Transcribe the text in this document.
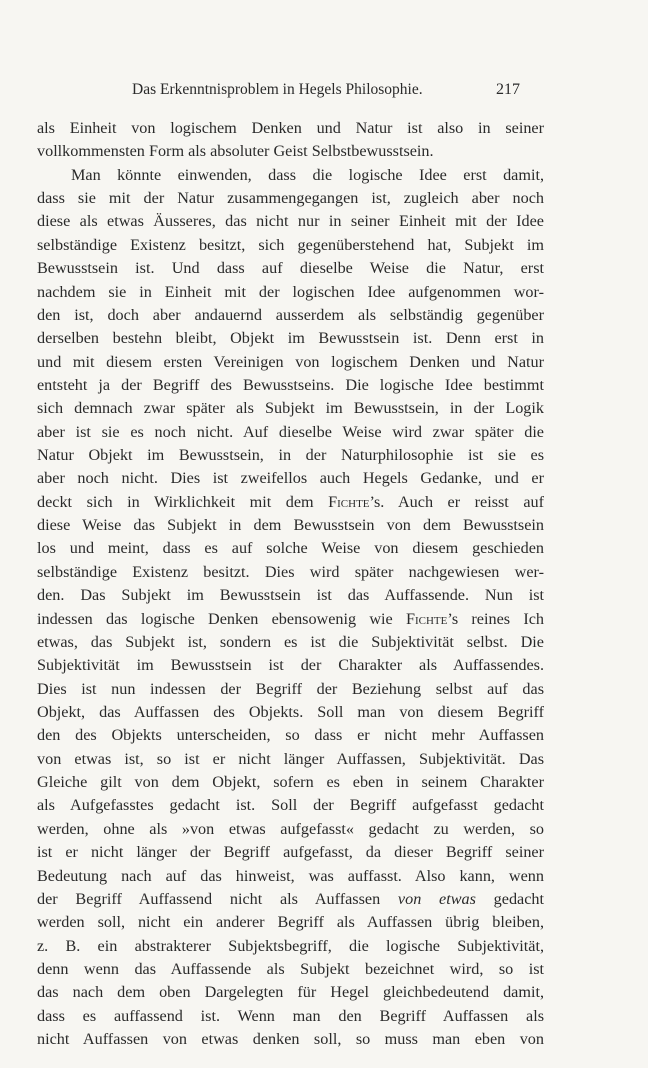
Das Erkenntnisproblem in Hegels Philosophie.	217
als Einheit von logischem Denken und Natur ist also in seiner
vollkommensten Form als absoluter Geist Selbstbewusstsein.
Man könnte einwenden, dass die logische Idee erst damit,
dass sie mit der Natur zusammengegangen ist, zugleich aber noch
diese als etwas Äusseres, das nicht nur in seiner Einheit mit der Idee
selbständige Existenz besitzt, sich gegenüberstehend hat, Subjekt im
Bewusstsein ist. Und dass auf dieselbe Weise die Natur, erst
nachdem sie in Einheit mit der logischen Idee aufgenommen wor-
den ist, doch aber andauernd ausserdem als selbständig gegenüber
derselben bestehn bleibt, Objekt im Bewusstsein ist. Denn erst in
und mit diesem ersten Vereinigen von logischem Denken und Natur
entsteht ja der Begriff des Bewusstseins. Die logische Idee bestimmt
sich demnach zwar später als Subjekt im Bewusstsein, in der Logik
aber ist sie es noch nicht. Auf dieselbe Weise wird zwar später die
Natur Objekt im Bewusstsein, in der Naturphilosophie ist sie es
aber noch nicht. Dies ist zweifellos auch Hegels Gedanke, und er
deckt sich in Wirklichkeit mit dem Fichte’s. Auch er reisst auf
diese Weise das Subjekt in dem Bewusstsein von dem Bewusstsein
los und meint, dass es auf solche Weise von diesem geschieden
selbständige Existenz besitzt. Dies wird später nachgewiesen wer-
den. Das Subjekt im Bewusstsein ist das Auffassende. Nun ist
indessen das logische Denken ebensowenig wie Fichte’s reines Ich
etwas, das Subjekt ist, sondern es ist die Subjektivität selbst. Die
Subjektivität im Bewusstsein ist der Charakter als Auffassendes.
Dies ist nun indessen der Begriff der Beziehung selbst auf das
Objekt, das Auffassen des Objekts. Soll man von diesem Begriff
den des Objekts unterscheiden, so dass er nicht mehr Auffassen
von etwas ist, so ist er nicht länger Auffassen, Subjektivität. Das
Gleiche gilt von dem Objekt, sofern es eben in seinem Charakter
als Aufgefasstes gedacht ist. Soll der Begriff aufgefasst gedacht
werden, ohne als »von etwas aufgefasst« gedacht zu werden, so
ist er nicht länger der Begriff aufgefasst, da dieser Begriff seiner
Bedeutung nach auf das hinweist, was auffasst. Also kann, wenn
der Begriff Auffassend nicht als Auffassen von etwas gedacht
werden soll, nicht ein anderer Begriff als Auffassen übrig bleiben,
z. B. ein abstrakterer Subjektsbegriff, die logische Subjektivität,
denn wenn das Auffassende als Subjekt bezeichnet wird, so ist
das nach dem oben Dargelegten für Hegel gleichbedeutend damit,
dass es auffassend ist. Wenn man den Begriff Auffassen als
nicht Auffassen von etwas denken soll, so muss man eben von
